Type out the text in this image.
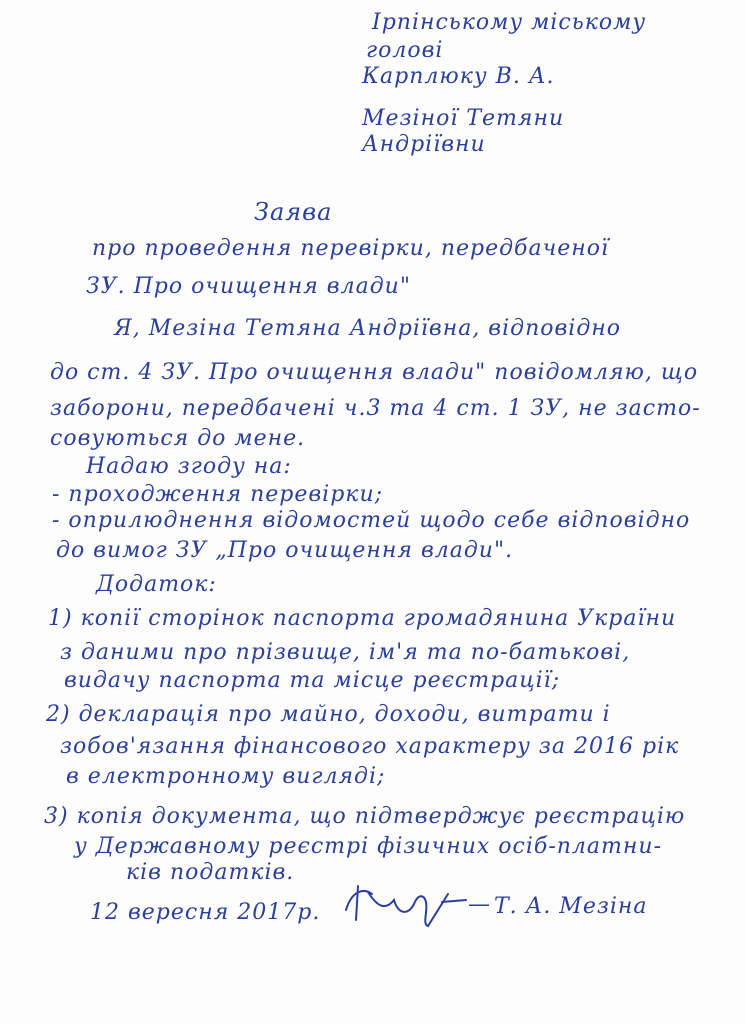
Ірпінському міському
голові
Карплюку В. А.
Мезіної Тетяни
Андріївни
Заява
про проведення перевірки, передбаченої
ЗУ. Про очищення влади"
Я, Мезіна Тетяна Андріївна, відповідно
до ст. 4 ЗУ. Про очищення влади" повідомляю, що
заборони, передбачені ч.3 та 4 ст. 1 ЗУ, не засто-
совуються до мене.
Надаю згоду на:
- проходження перевірки;
- оприлюднення відомостей щодо себе відповідно
до вимог ЗУ „Про очищення влади".
Додаток:
1) копії сторінок паспорта громадянина України
з даними про прізвище, ім'я та по-батькові,
видачу паспорта та місце реєстрації;
2) декларація про майно, доходи, витрати і
зобов'язання фінансового характеру за 2016 рік
в електронному вигляді;
3) копія документа, що підтверджує реєстрацію
у Державному реєстрі фізичних осіб-платни-
ків податків.
12 вересня 2017р.	— Т. А. Мезіна
